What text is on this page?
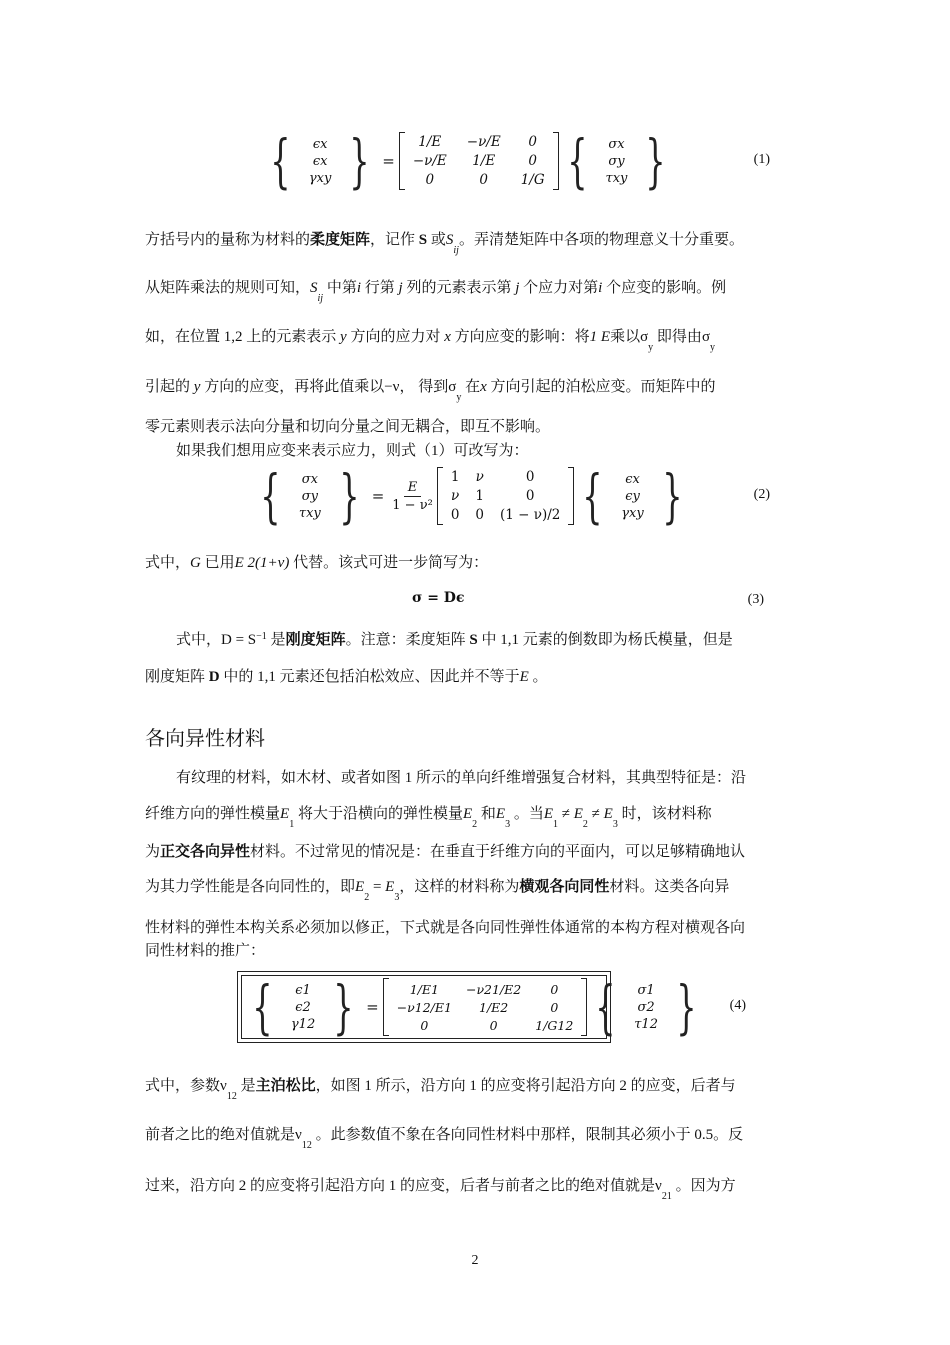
{ ϵx
ϵx
γxy } =
1/E	−ν/E	0
−ν/E	1/E	0
0	0	1/G { σx
σy
τxy }	(1)
方括号内的量称为材料的柔度矩阵，记作 S 或$S_{ij}$。弄清楚矩阵中各项的物理意义十分重要。
从矩阵乘法的规则可知，$S_{ij}$ 中第i 行第 j 列的元素表示第 j 个应力对第i 个应变的影响。例
如，在位置 1,2 上的元素表示 y 方向的应力对 x 方向应变的影响：将1 E乘以$\sigma_y$ 即得由$\sigma_y$
引起的 y 方向的应变，再将此值乘以−ν， 得到$\sigma_y$ 在x 方向引起的泊松应变。而矩阵中的
零元素则表示法向分量和切向分量之间无耦合，即互不影响。
如果我们想用应变来表示应力，则式（1）可改写为：
{ σx
σy
τxy } = $\frac{E}{\text{1 − ν²}}$
1 ν	0
ν 1	0
0 0 (1 − ν)/2 { ϵx
ϵy
γxy }	(2)
式中，G 已用E 2(1+ν) 代替。该式可进一步简写为：
σ = Dϵ	(3)
式中，$D = S^{-1}$ 是刚度矩阵。注意：柔度矩阵 S 中 1,1 元素的倒数即为杨氏模量，但是
刚度矩阵 D 中的 1,1 元素还包括泊松效应、因此并不等于E 。
各向异性材料
有纹理的材料，如木材、或者如图 1 所示的单向纤维增强复合材料，其典型特征是：沿
纤维方向的弹性模量$E_1$ 将大于沿横向的弹性模量$E_2$ 和$E_3$ 。当$E_1 \ne E_2 \ne E_3$ 时，该材料称
为正交各向异性材料。不过常见的情况是：在垂直于纤维方向的平面内，可以足够精确地认
为其力学性能是各向同性的，即$E_2 = E_3$，这样的材料称为横观各向同性材料。这类各向异
性材料的弹性本构关系必须加以修正，下式就是各向同性弹性体通常的本构方程对横观各向
同性材料的推广：
{ ϵ1
ϵ2
γ12 } =
1/E1	−ν21/E2	0
−ν12/E1	1/E2	0
0	0	1/G12 { σ1
σ2
τ12 } (4)
式中，参数$\nu_{12}$ 是主泊松比，如图 1 所示，沿方向 1 的应变将引起沿方向 2 的应变，后者与
前者之比的绝对值就是$\nu_{12}$ 。此参数值不象在各向同性材料中那样，限制其必须小于 0.5。反
过来，沿方向 2 的应变将引起沿方向 1 的应变，后者与前者之比的绝对值就是$\nu_{21}$ 。因为方
2
